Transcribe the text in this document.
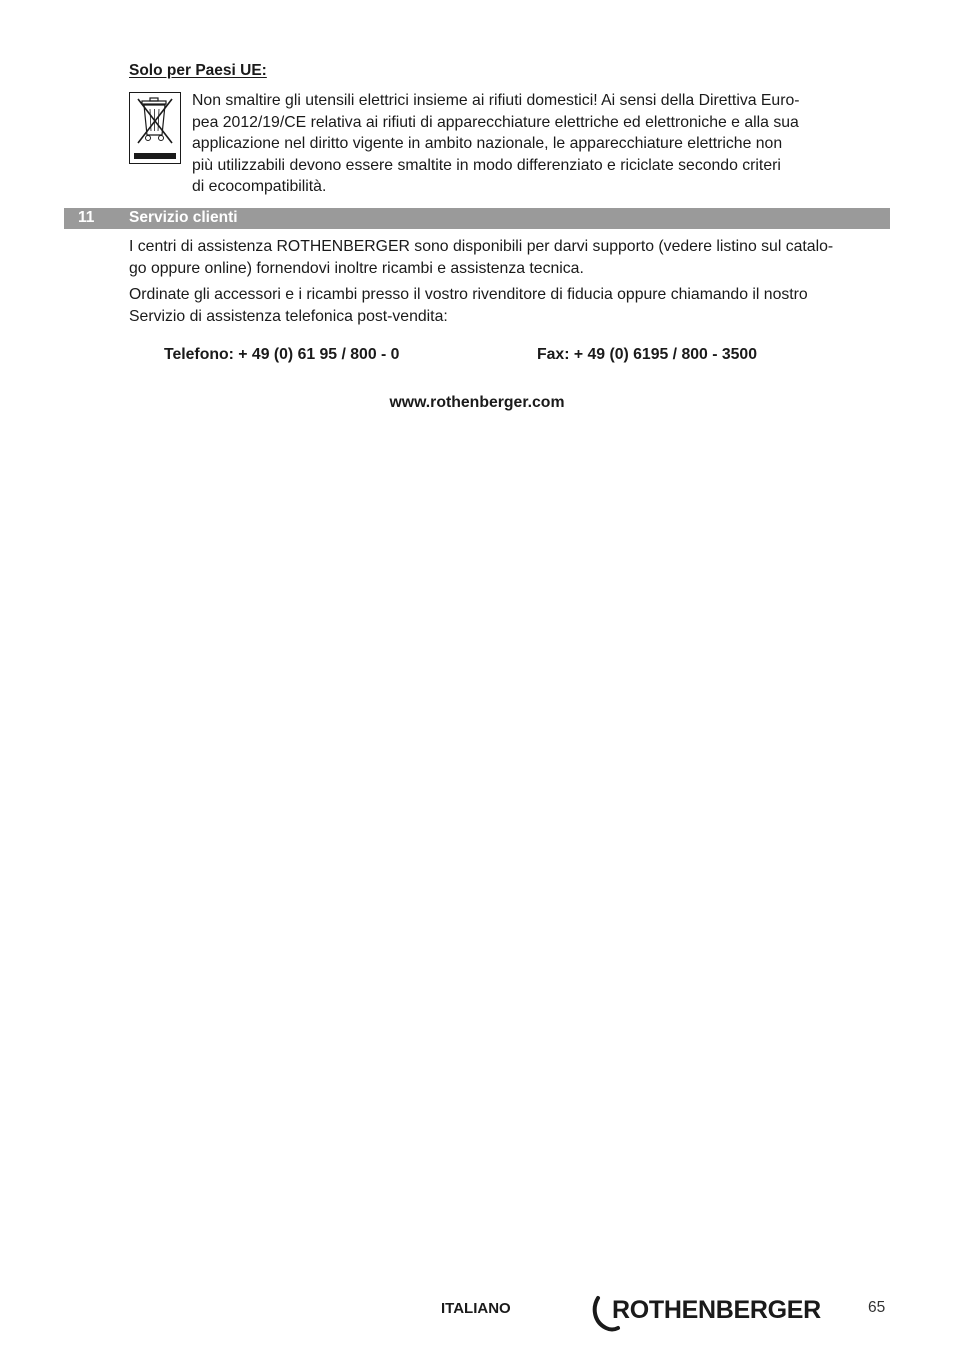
Solo per Paesi UE:
Non smaltire gli utensili elettrici insieme ai rifiuti domestici! Ai sensi della Direttiva Euro-
pea 2012/19/CE relativa ai rifiuti di apparecchiature elettriche ed elettroniche e alla sua
applicazione nel diritto vigente in ambito nazionale, le apparecchiature elettriche non
più utilizzabili devono essere smaltite in modo differenziato e riciclate secondo criteri
di ecocompatibilità.
11 Servizio clienti
I centri di assistenza ROTHENBERGER sono disponibili per darvi supporto (vedere listino sul catalo-
go oppure online) fornendovi inoltre ricambi e assistenza tecnica.
Ordinate gli accessori e i ricambi presso il vostro rivenditore di fiducia oppure chiamando il nostro
Servizio di assistenza telefonica post-vendita:
Telefono: + 49 (0) 61 95 / 800 - 0	Fax: + 49 (0) 6195 / 800 - 3500
www.rothenberger.com
ITALIANO	ROTHENBERGER	65
